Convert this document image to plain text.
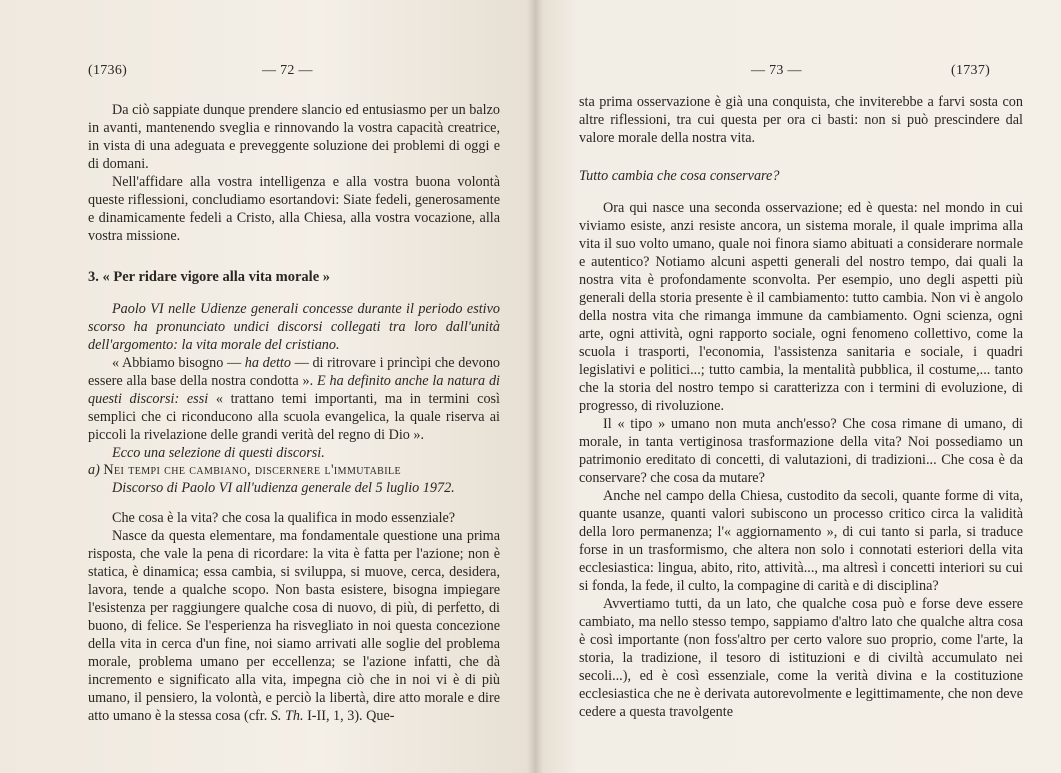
(1736)	— 72 —

Da ciò sappiate dunque prendere slancio ed entusiasmo per un balzo in avanti, mantenendo sveglia e rinnovando la vostra capacità creatrice, in vista di una adeguata e preveggente soluzione dei problemi di oggi e di domani.

Nell'affidare alla vostra intelligenza e alla vostra buona volontà queste riflessioni, concludiamo esortandovi: Siate fedeli, generosamente e dinamicamente fedeli a Cristo, alla Chiesa, alla vostra vocazione, alla vostra missione.

3. « Per ridare vigore alla vita morale »

Paolo VI nelle Udienze generali concesse durante il periodo estivo scorso ha pronunciato undici discorsi collegati tra loro dall'unità dell'argomento: la vita morale del cristiano.

« Abbiamo bisogno — ha detto — di ritrovare i princìpi che devono essere alla base della nostra condotta ». E ha definito anche la natura di questi discorsi: essi « trattano temi importanti, ma in termini così semplici che ci riconducono alla scuola evangelica, la quale riserva ai piccoli la rivelazione delle grandi verità del regno di Dio ».

Ecco una selezione di questi discorsi.

a) Nei tempi che cambiano, discernere l'immutabile

Discorso di Paolo VI all'udienza generale del 5 luglio 1972.

Che cosa è la vita? che cosa la qualifica in modo essenziale?

Nasce da questa elementare, ma fondamentale questione una prima risposta, che vale la pena di ricordare: la vita è fatta per l'azione; non è statica, è dinamica; essa cambia, si sviluppa, si muove, cerca, desidera, lavora, tende a qualche scopo. Non basta esistere, bisogna impiegare l'esistenza per raggiungere qualche cosa di nuovo, di più, di perfetto, di buono, di felice. Se l'esperienza ha risvegliato in noi questa concezione della vita in cerca d'un fine, noi siamo arrivati alle soglie del problema morale, problema umano per eccellenza; se l'azione infatti, che dà incremento e significato alla vita, impegna ciò che in noi vi è di più umano, il pensiero, la volontà, e perciò la libertà, dire atto morale e dire atto umano è la stessa cosa (cfr. S. Th. I-II, 1, 3). Que-

— 73 —	(1737)

sta prima osservazione è già una conquista, che inviterebbe a farvi sosta con altre riflessioni, tra cui questa per ora ci basti: non si può prescindere dal valore morale della nostra vita.

Tutto cambia che cosa conservare?

Ora qui nasce una seconda osservazione; ed è questa: nel mondo in cui viviamo esiste, anzi resiste ancora, un sistema morale, il quale imprima alla vita il suo volto umano, quale noi finora siamo abituati a considerare normale e autentico? Notiamo alcuni aspetti generali del nostro tempo, dai quali la nostra vita è profondamente sconvolta. Per esempio, uno degli aspetti più generali della storia presente è il cambiamento: tutto cambia. Non vi è angolo della nostra vita che rimanga immune da cambiamento. Ogni scienza, ogni arte, ogni attività, ogni rapporto sociale, ogni fenomeno collettivo, come la scuola i trasporti, l'economia, l'assistenza sanitaria e sociale, i quadri legislativi e politici...; tutto cambia, la mentalità pubblica, il costume,... tanto che la storia del nostro tempo si caratterizza con i termini di evoluzione, di progresso, di rivoluzione.

Il « tipo » umano non muta anch'esso? Che cosa rimane di umano, di morale, in tanta vertiginosa trasformazione della vita? Noi possediamo un patrimonio ereditato di concetti, di valutazioni, di tradizioni... Che cosa è da conservare? che cosa da mutare?

Anche nel campo della Chiesa, custodito da secoli, quante forme di vita, quante usanze, quanti valori subiscono un processo critico circa la validità della loro permanenza; l'« aggiornamento », di cui tanto si parla, si traduce forse in un trasformismo, che altera non solo i connotati esteriori della vita ecclesiastica: lingua, abito, rito, attività..., ma altresì i concetti interiori su cui si fonda, la fede, il culto, la compagine di carità e di disciplina?

Avvertiamo tutti, da un lato, che qualche cosa può e forse deve essere cambiato, ma nello stesso tempo, sappiamo d'altro lato che qualche altra cosa è così importante (non foss'altro per certo valore suo proprio, come l'arte, la storia, la tradizione, il tesoro di istituzioni e di civiltà accumulato nei secoli...), ed è così essenziale, come la verità divina e la costituzione ecclesiastica che ne è derivata autorevolmente e legittimamente, che non deve cedere a questa travolgente
